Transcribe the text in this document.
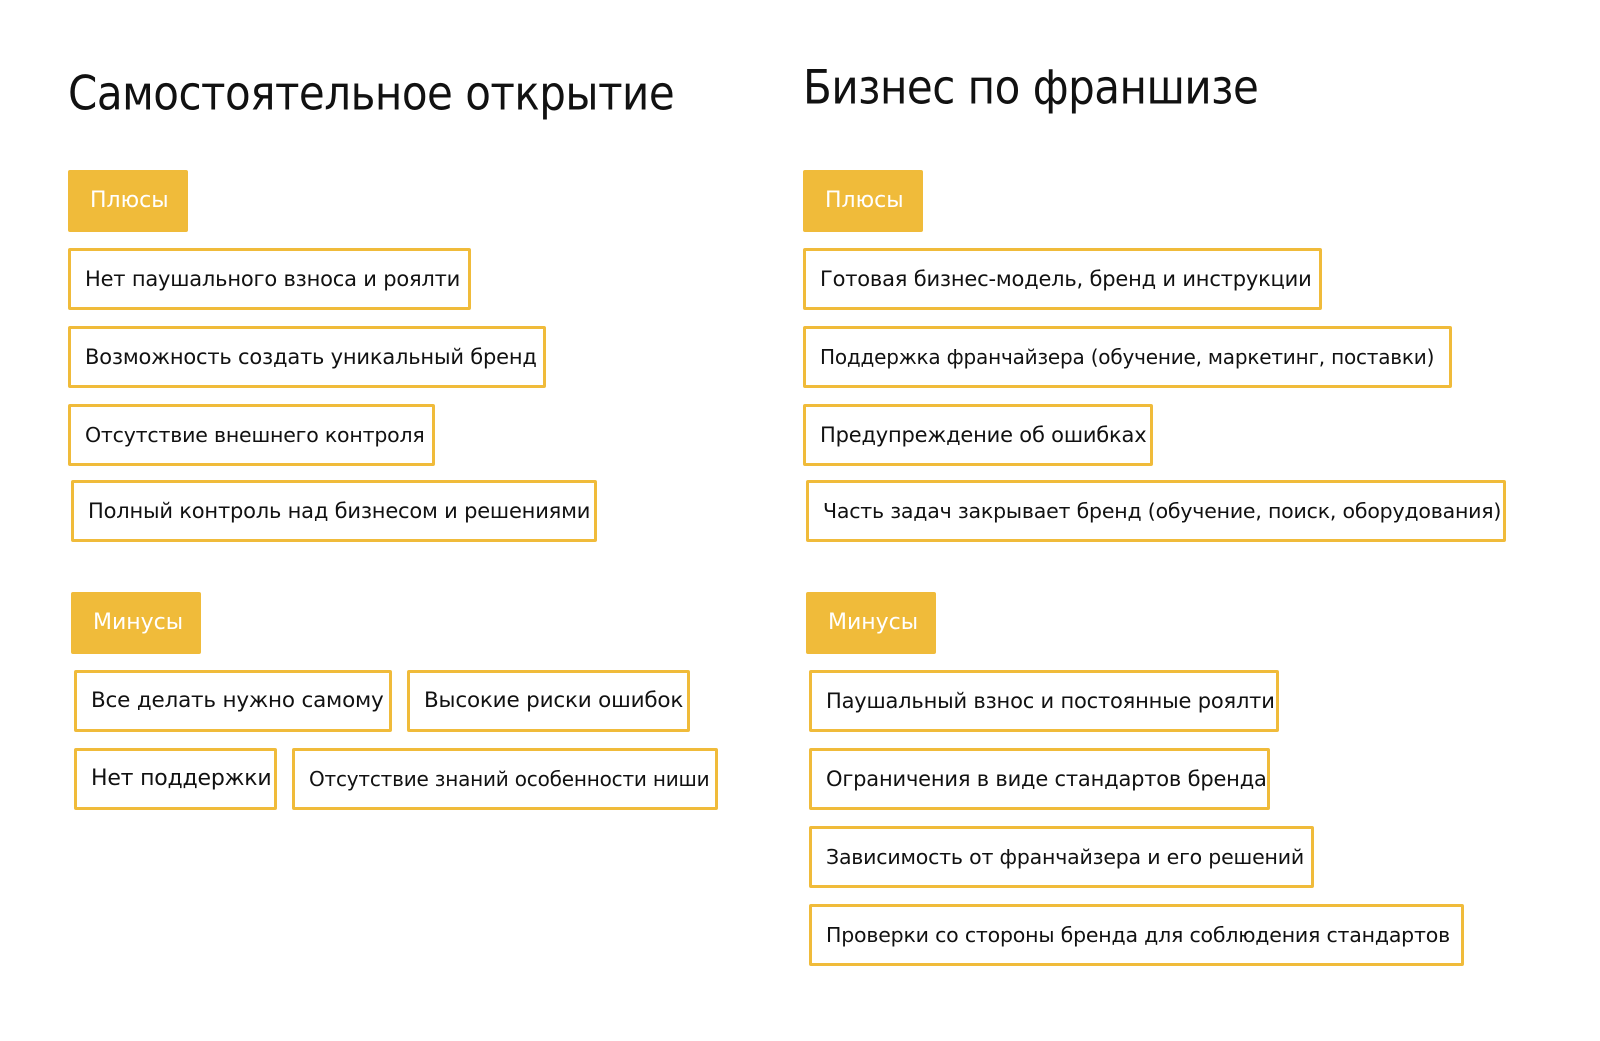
Самостоятельное открытие
Плюсы
Нет паушального взноса и роялти
Возможность создать уникальный бренд
Отсутствие внешнего контроля
Полный контроль над бизнесом и решениями
Минусы
Все делать нужно самому	Высокие риски ошибок
Нет поддержки	Отсутствие знаний особенности ниши
Бизнес по франшизе
Плюсы
Готовая бизнес-модель, бренд и инструкции
Поддержка франчайзера (обучение, маркетинг, поставки)
Предупреждение об ошибках
Часть задач закрывает бренд (обучение, поиск, оборудования)
Минусы
Паушальный взнос и постоянные роялти
Ограничения в виде стандартов бренда
Зависимость от франчайзера и его решений
Проверки со стороны бренда для соблюдения стандартов
